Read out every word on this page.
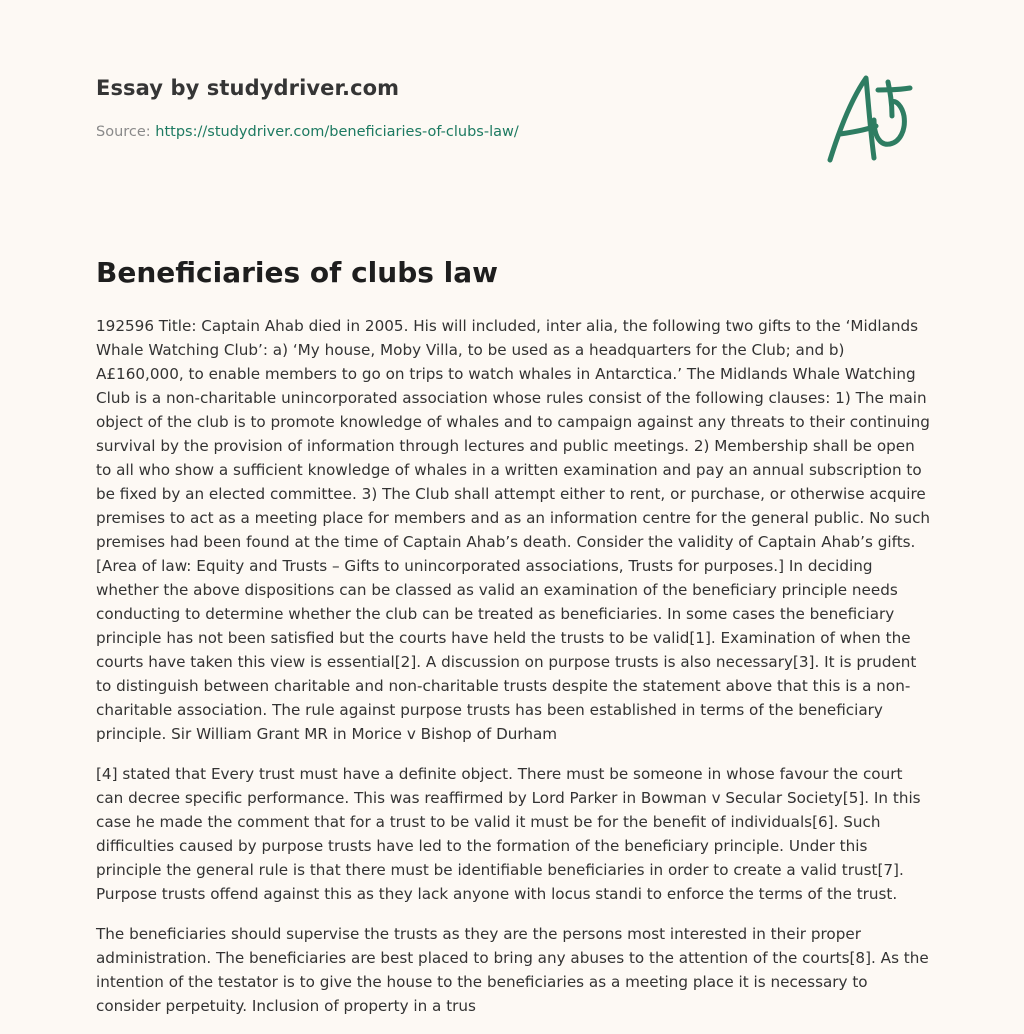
Essay by studydriver.com
Source: https://studydriver.com/beneficiaries-of-clubs-law/
Beneficiaries of clubs law

192596 Title: Captain Ahab died in 2005. His will included, inter alia, the following two gifts to the ‘Midlands Whale Watching Club’: a) ‘My house, Moby Villa, to be used as a headquarters for the Club; and b) A£160,000, to enable members to go on trips to watch whales in Antarctica.’ The Midlands Whale Watching Club is a non-charitable unincorporated association whose rules consist of the following clauses: 1) The main object of the club is to promote knowledge of whales and to campaign against any threats to their continuing survival by the provision of information through lectures and public meetings. 2) Membership shall be open to all who show a sufficient knowledge of whales in a written examination and pay an annual subscription to be fixed by an elected committee. 3) The Club shall attempt either to rent, or purchase, or otherwise acquire premises to act as a meeting place for members and as an information centre for the general public. No such premises had been found at the time of Captain Ahab’s death. Consider the validity of Captain Ahab’s gifts. [Area of law: Equity and Trusts – Gifts to unincorporated associations, Trusts for purposes.] In deciding whether the above dispositions can be classed as valid an examination of the beneficiary principle needs conducting to determine whether the club can be treated as beneficiaries. In some cases the beneficiary principle has not been satisfied but the courts have held the trusts to be valid[1]. Examination of when the courts have taken this view is essential[2]. A discussion on purpose trusts is also necessary[3]. It is prudent to distinguish between charitable and non-charitable trusts despite the statement above that this is a non-charitable association. The rule against purpose trusts has been established in terms of the beneficiary principle. Sir William Grant MR in Morice v Bishop of Durham

[4] stated that Every trust must have a definite object. There must be someone in whose favour the court can decree specific performance. This was reaffirmed by Lord Parker in Bowman v Secular Society[5]. In this case he made the comment that for a trust to be valid it must be for the benefit of individuals[6]. Such difficulties caused by purpose trusts have led to the formation of the beneficiary principle. Under this principle the general rule is that there must be identifiable beneficiaries in order to create a valid trust[7]. Purpose trusts offend against this as they lack anyone with locus standi to enforce the terms of the trust.

The beneficiaries should supervise the trusts as they are the persons most interested in their proper administration. The beneficiaries are best placed to bring any abuses to the attention of the courts[8]. As the intention of the testator is to give the house to the beneficiaries as a meeting place it is necessary to consider perpetuity. Inclusion of property in a trus
